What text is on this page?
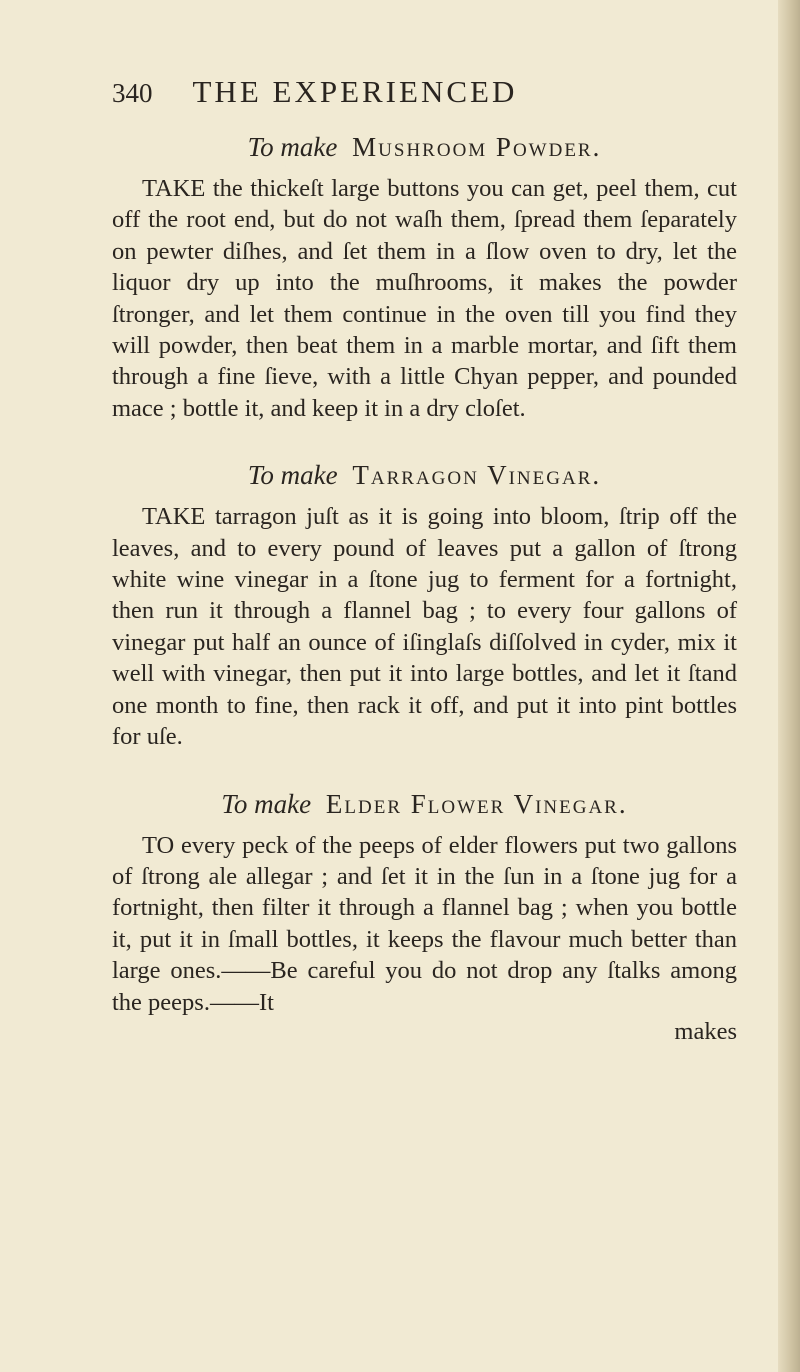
340 THE EXPERIENCED
To make Mushroom Powder.

TAKE the thickeſt large buttons you can get, peel them, cut off the root end, but do not waſh them, ſpread them ſeparately on pewter diſhes, and ſet them in a ſlow oven to dry, let the liquor dry up into the muſhrooms, it makes the powder ſtronger, and let them continue in the oven till you find they will powder, then beat them in a marble mortar, and ſift them through a fine ſieve, with a little Chyan pepper, and pounded mace ; bottle it, and keep it in a dry cloſet.

To make Tarragon Vinegar.

TAKE tarragon juſt as it is going into bloom, ſtrip off the leaves, and to every pound of leaves put a gallon of ſtrong white wine vinegar in a ſtone jug to ferment for a fortnight, then run it through a flannel bag ; to every four gallons of vinegar put half an ounce of iſinglaſs diſſolved in cyder, mix it well with vinegar, then put it into large bottles, and let it ſtand one month to fine, then rack it off, and put it into pint bottles for uſe.

To make Elder Flower Vinegar.

TO every peck of the peeps of elder flowers put two gallons of ſtrong ale allegar ; and ſet it in the ſun in a ſtone jug for a fortnight, then filter it through a flannel bag ; when you bottle it, put it in ſmall bottles, it keeps the flavour much better than large ones.——Be careful you do not drop any ſtalks among the peeps.——It

makes
